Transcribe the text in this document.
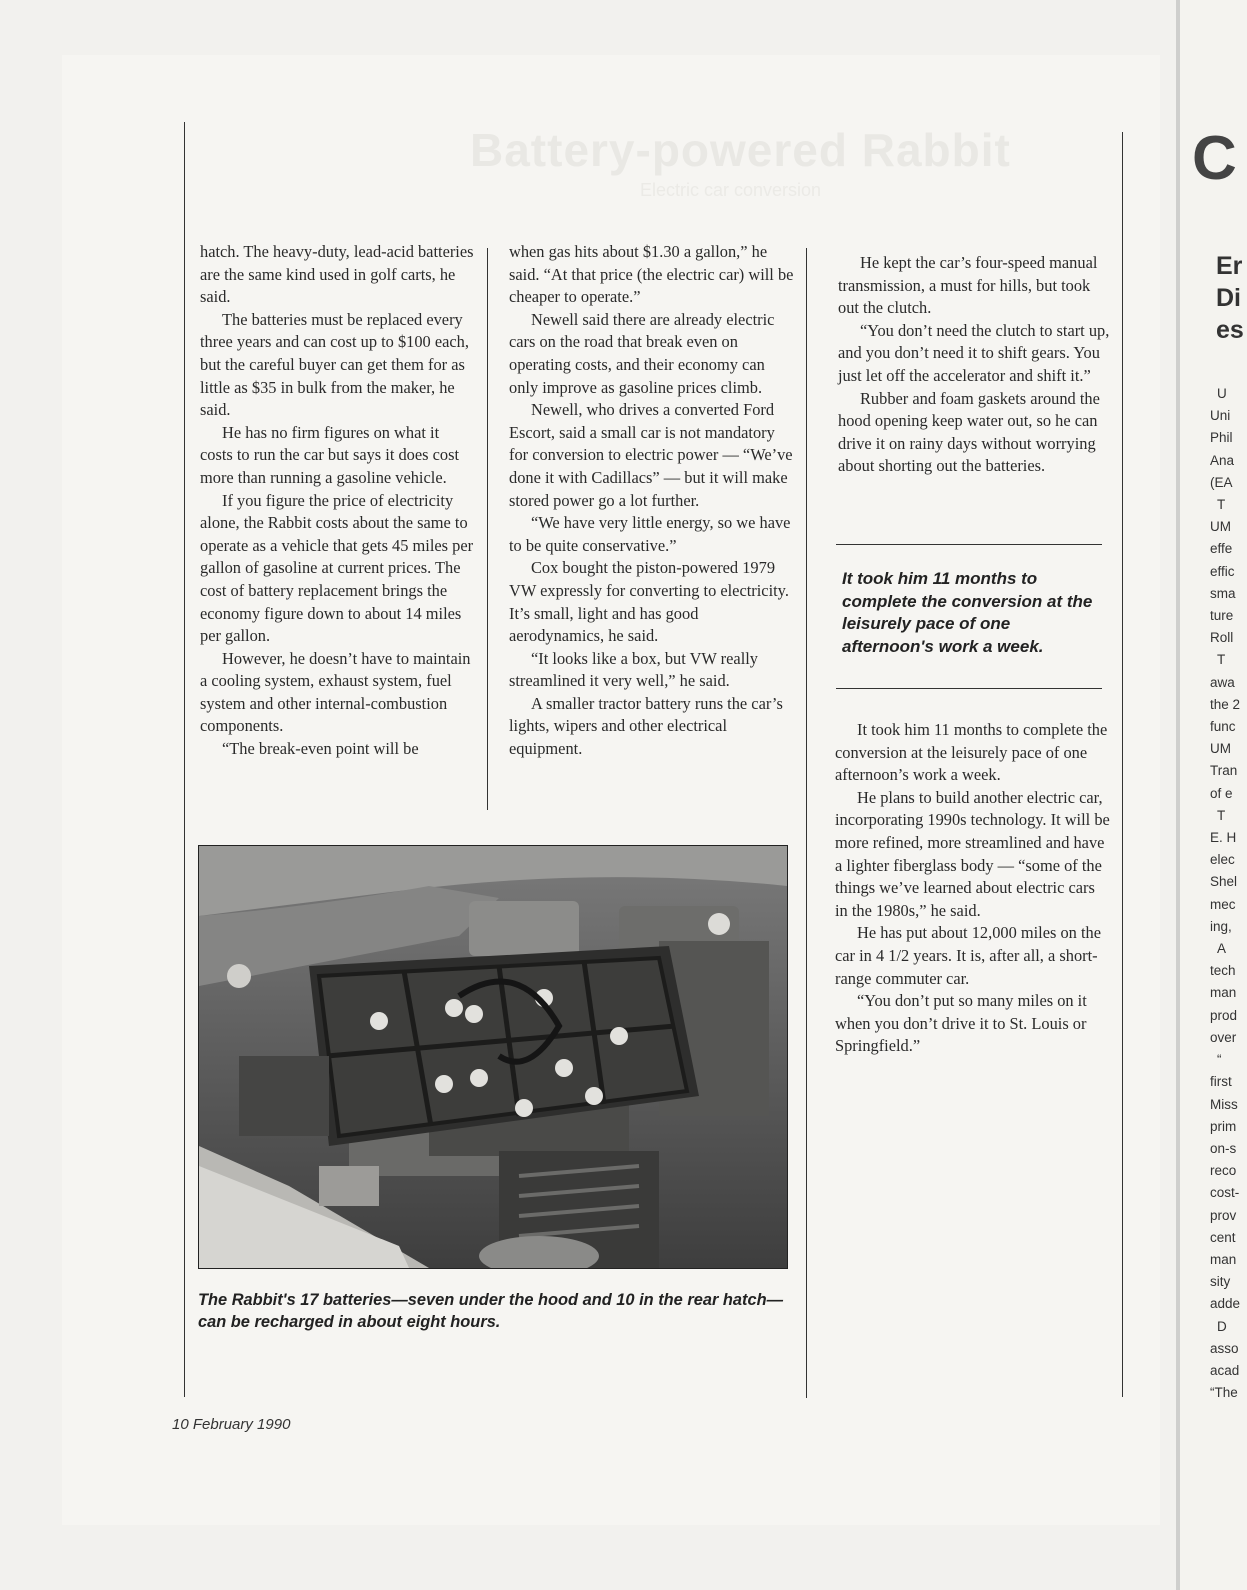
Battery-powered Rabbit
Electric car conversion

hatch. The heavy-duty, lead-acid batteries are the same kind used in golf carts, he said.

The batteries must be replaced every three years and can cost up to $100 each, but the careful buyer can get them for as little as $35 in bulk from the maker, he said.

He has no firm figures on what it costs to run the car but says it does cost more than running a gasoline vehicle.

If you figure the price of electricity alone, the Rabbit costs about the same to operate as a vehicle that gets 45 miles per gallon of gasoline at current prices. The cost of battery replacement brings the economy figure down to about 14 miles per gallon.

However, he doesn’t have to maintain a cooling system, exhaust system, fuel system and other internal-combustion components.

“The break-even point will be

when gas hits about $1.30 a gallon,” he said. “At that price (the electric car) will be cheaper to operate.”

Newell said there are already electric cars on the road that break even on operating costs, and their economy can only improve as gasoline prices climb.

Newell, who drives a converted Ford Escort, said a small car is not mandatory for conversion to electric power — “We’ve done it with Cadillacs” — but it will make stored power go a lot further.

“We have very little energy, so we have to be quite conservative.”

Cox bought the piston-powered 1979 VW expressly for converting to electricity. It’s small, light and has good aerodynamics, he said.

“It looks like a box, but VW really streamlined it very well,” he said.

A smaller tractor battery runs the car’s lights, wipers and other electrical equipment.

He kept the car’s four-speed manual transmission, a must for hills, but took out the clutch.

“You don’t need the clutch to start up, and you don’t need it to shift gears. You just let off the accelerator and shift it.”

Rubber and foam gaskets around the hood opening keep water out, so he can drive it on rainy days without worrying about shorting out the batteries.

It took him 11 months to complete the conversion at the leisurely pace of one afternoon's work a week.

It took him 11 months to complete the conversion at the leisurely pace of one afternoon’s work a week.

He plans to build another electric car, incorporating 1990s technology. It will be more refined, more streamlined and have a lighter fiberglass body — “some of the things we’ve learned about electric cars in the 1980s,” he said.

He has put about 12,000 miles on the car in 4 1/2 years. It is, after all, a short-range commuter car.

“You don’t put so many miles on it when you don’t drive it to St. Louis or Springfield.”

The Rabbit's 17 batteries—seven under the hood and 10 in the rear hatch—can be recharged in about eight hours.
10 February 1990
C
Er
Di
es
U
Uni
Phil
Ana
(EA
T
UM
effe
effic
sma
ture
Roll
T
awa
the 2
func
UM
Tran
of e
T
E. H
elec
Shel
mec
ing,
A
tech
man
prod
over
“
first
Miss
prim
on-s
reco
cost-
prov
cent
man
sity
adde
D
asso
acad
“The
